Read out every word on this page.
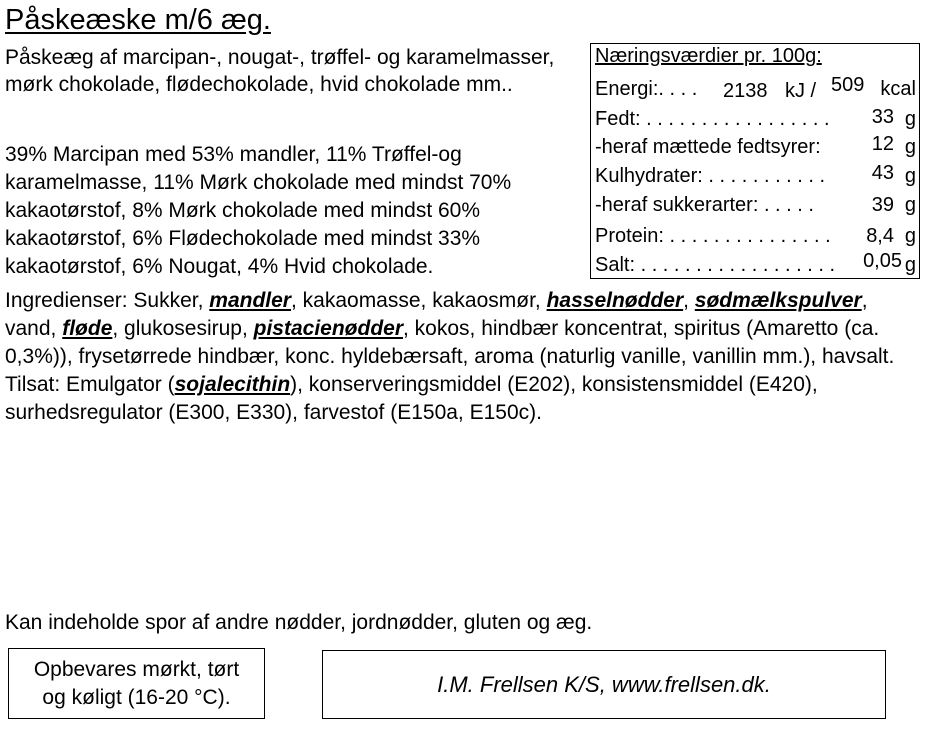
Påskeæske m/6 æg.
Påskeæg af marcipan-, nougat-, trøffel- og karamelmasser, mørk chokolade, flødechokolade, hvid chokolade mm..
39% Marcipan med 53% mandler, 11% Trøffel-og
karamelmasse, 11% Mørk chokolade med mindst 70%
kakaotørstof, 8% Mørk chokolade med mindst 60%
kakaotørstof, 6% Flødechokolade med mindst 33%
kakaotørstof, 6% Nougat, 4% Hvid chokolade.
Næringsværdier pr. 100g:
Energi:. . . . 2138 kJ / 509 kcal
Fedt: . . . . . . . . . . . . . . . . . 33 g
-heraf mættede fedtsyrer:	12 g
Kulhydrater: . . . . . . . . . . . 43 g
-heraf sukkerarter: . . . . .	39 g
Protein: . . . . . . . . . . . . . . . 8,4 g
Salt: . . . . . . . . . . . . . . . . . . 0,05 g
Ingredienser: Sukker, mandler, kakaomasse, kakaosmør, hasselnødder, sødmælkspulver, vand, fløde, glukosesirup, pistacienødder, kokos, hindbær koncentrat, spiritus (Amaretto (ca. 0,3%)), frysetørrede hindbær, konc. hyldebærsaft, aroma (naturlig vanille, vanillin mm.), havsalt. Tilsat: Emulgator (sojalecithin), konserveringsmiddel (E202), konsistensmiddel (E420), surhedsregulator (E300, E330), farvestof (E150a, E150c).
Kan indeholde spor af andre nødder, jordnødder, gluten og æg.
Opbevares mørkt, tørt
og køligt (16-20 °C).
I.M. Frellsen K/S, www.frellsen.dk.
